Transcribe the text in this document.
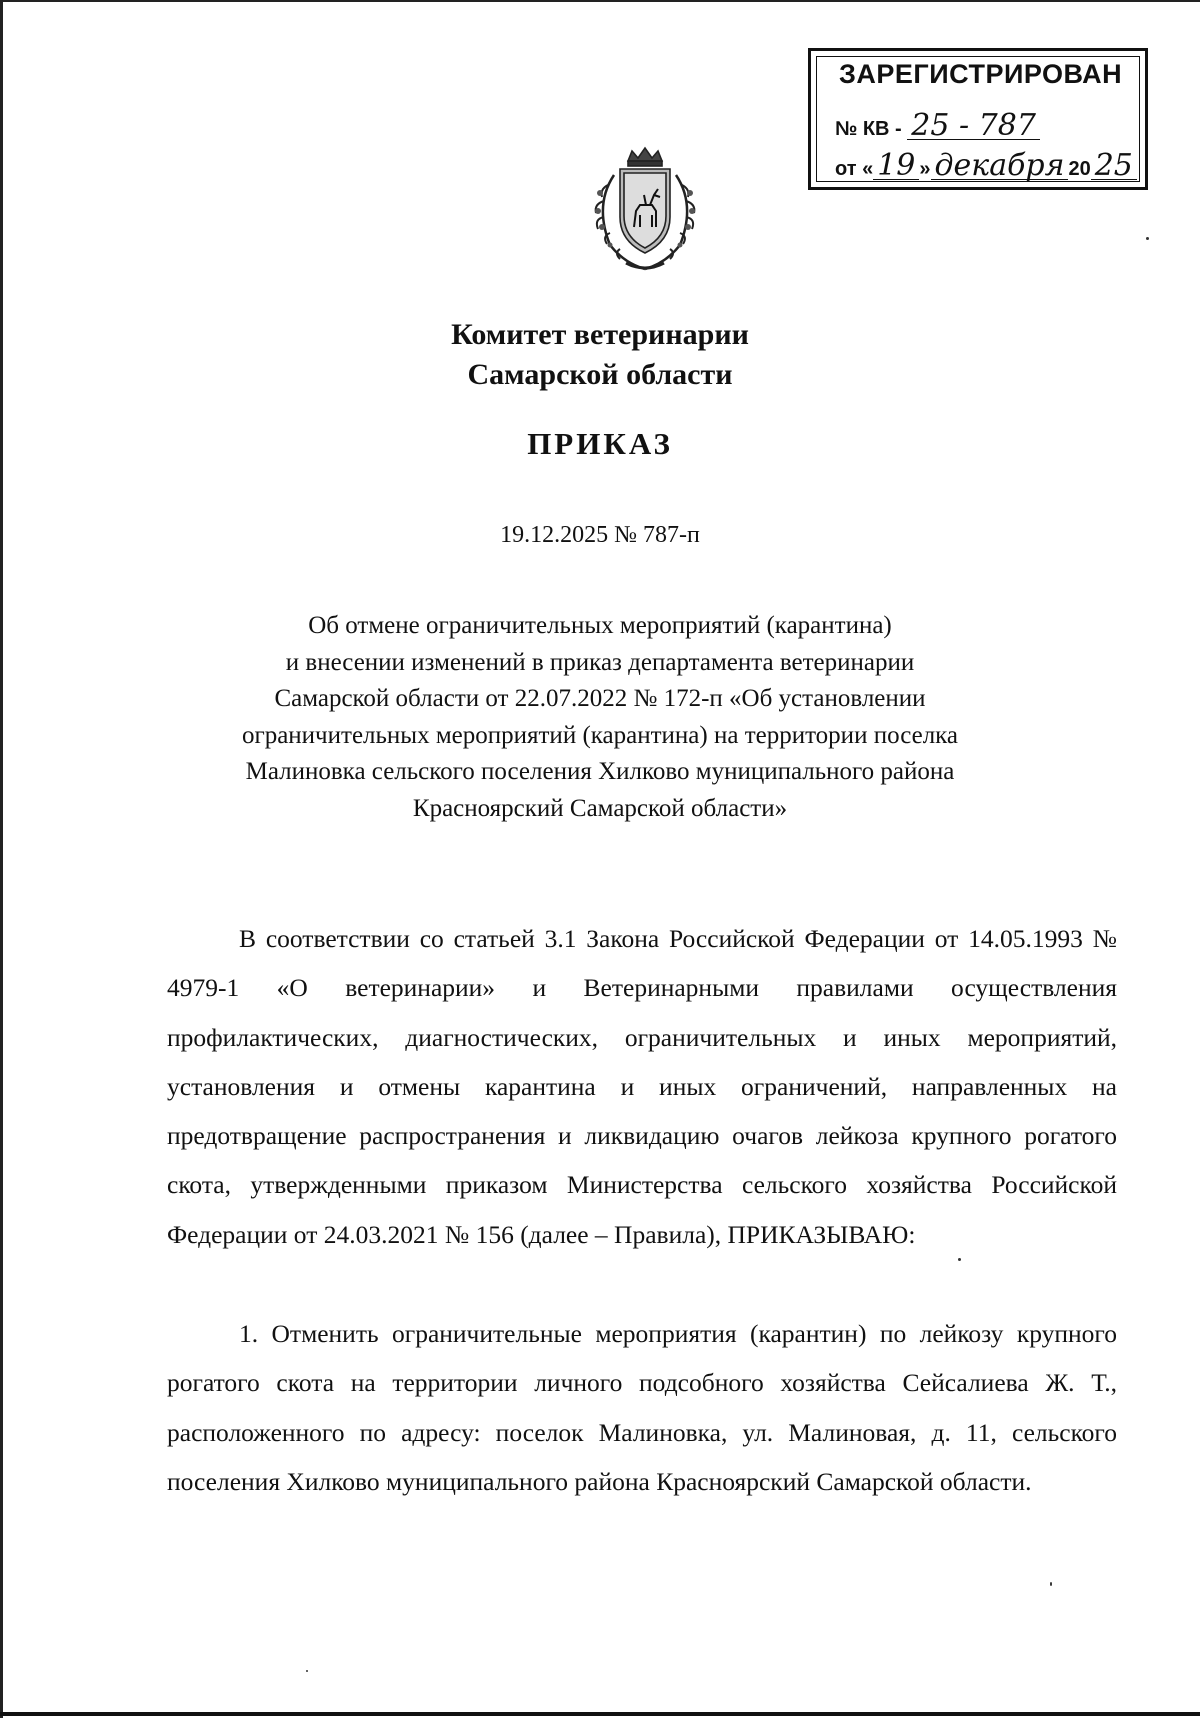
ЗАРЕГИСТРИРОВАН
№ КВ - 25 - 787
от « 19 » декабря 20 25
Комитет ветеринарии
Самарской области
ПРИКАЗ
19.12.2025 № 787-п
Об отмене ограничительных мероприятий (карантина)
и внесении изменений в приказ департамента ветеринарии
Самарской области от 22.07.2022 № 172-п «Об установлении
ограничительных мероприятий (карантина) на территории поселка
Малиновка сельского поселения Хилково муниципального района
Красноярский Самарской области»

В соответствии со статьей 3.1 Закона Российской Федерации от 14.05.1993 № 4979-1 «О ветеринарии» и Ветеринарными правилами осуществления профилактических, диагностических, ограничительных и иных мероприятий, установления и отмены карантина и иных ограничений, направленных на предотвращение распространения и ликвидацию очагов лейкоза крупного рогатого скота, утвержденными приказом Министерства сельского хозяйства Российской Федерации от 24.03.2021 № 156 (далее – Правила), ПРИКАЗЫВАЮ:

1. Отменить ограничительные мероприятия (карантин) по лейкозу крупного рогатого скота на территории личного подсобного хозяйства Сейсалиева Ж. Т., расположенного по адресу: поселок Малиновка, ул. Малиновая, д. 11, сельского поселения Хилково муниципального района Красноярский Самарской области.
